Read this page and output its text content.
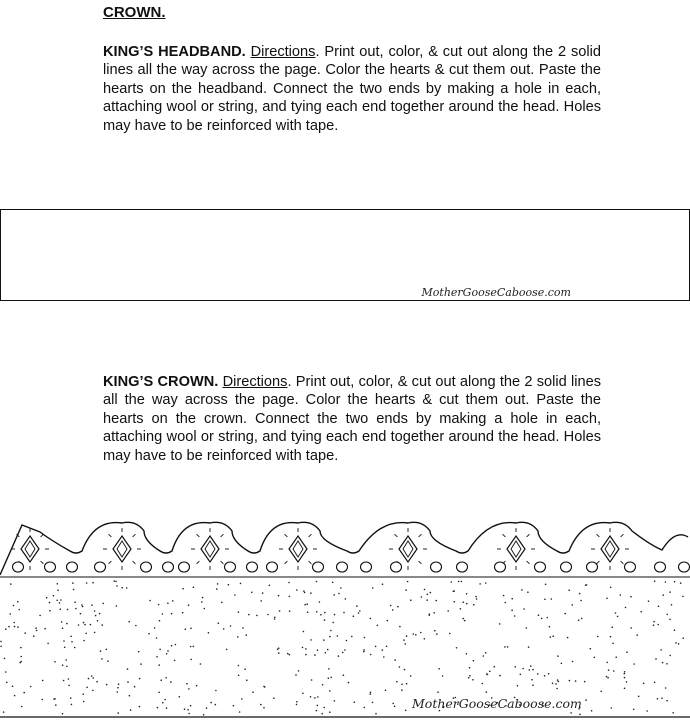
CROWN.

KING’S HEADBAND. Directions. Print out, color, & cut out along the 2 solid lines all the way across the page. Color the hearts & cut them out. Paste the hearts on the headband. Connect the two ends by making a hole in each, attaching wool or string, and tying each end together around the head. Holes may have to be reinforced with tape.

MotherGooseCaboose.com

KING’S CROWN. Directions. Print out, color, & cut out along the 2 solid lines all the way across the page. Color the hearts & cut them out. Paste the hearts on the crown. Connect the two ends by making a hole in each, attaching wool or string, and tying each end together around the head. Holes may have to be reinforced with tape.

MotherGooseCaboose.com
